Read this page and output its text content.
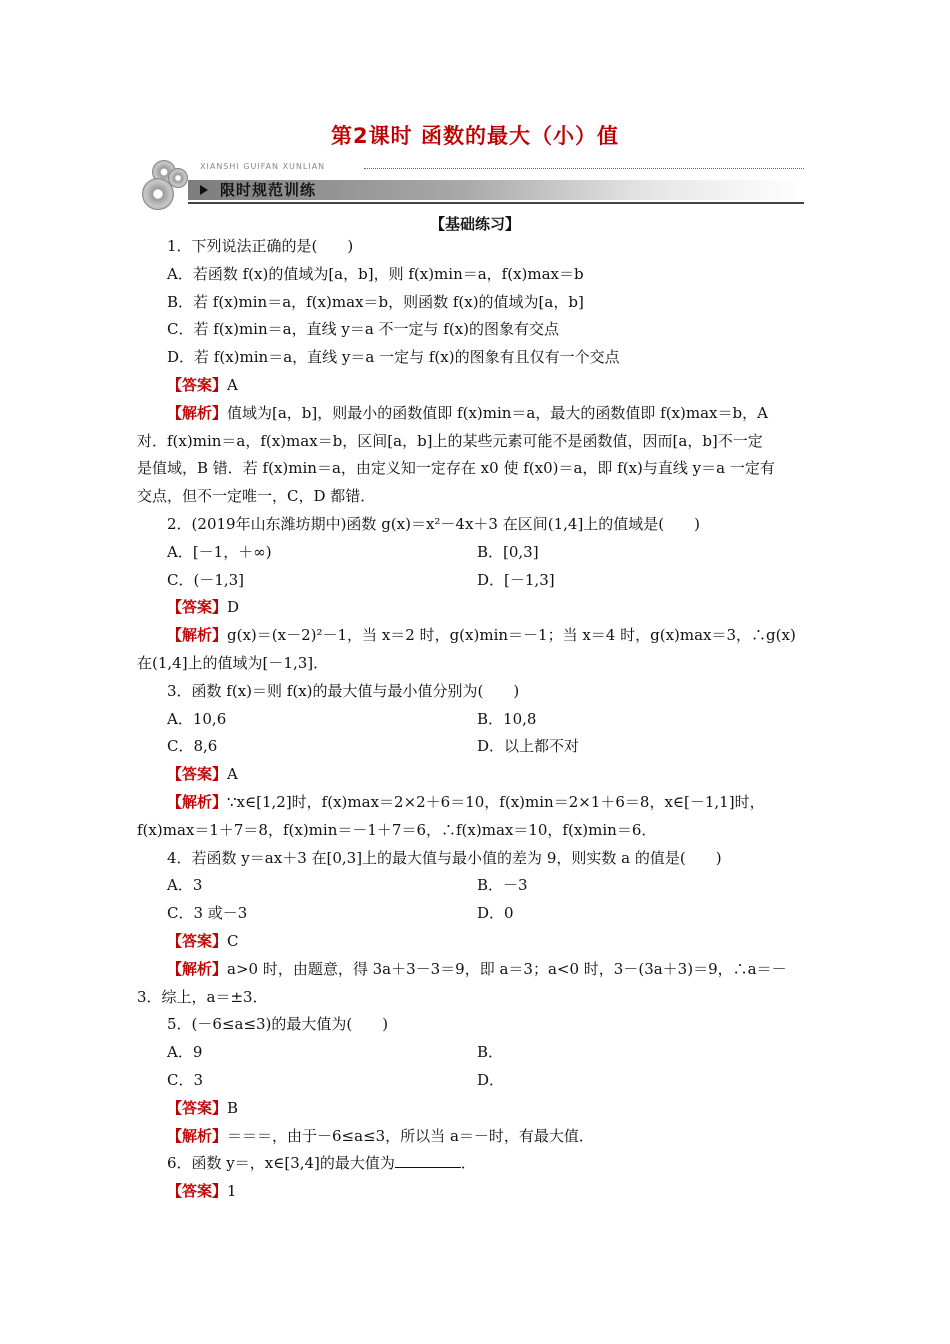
第2课时 函数的最大（小）值
XIANSHI GUIFAN XUNLIAN
限时规范训练
【基础练习】
1．下列说法正确的是(　　)
A．若函数 f(x)的值域为[a，b]，则 f(x)min＝a，f(x)max＝b
B．若 f(x)min＝a，f(x)max＝b，则函数 f(x)的值域为[a，b]
C．若 f(x)min＝a，直线 y＝a 不一定与 f(x)的图象有交点
D．若 f(x)min＝a，直线 y＝a 一定与 f(x)的图象有且仅有一个交点
【答案】A
【解析】值域为[a，b]，则最小的函数值即 f(x)min＝a，最大的函数值即 f(x)max＝b，A
对．f(x)min＝a，f(x)max＝b，区间[a，b]上的某些元素可能不是函数值，因而[a，b]不一定
是值域，B 错．若 f(x)min＝a，由定义知一定存在 x0 使 f(x0)＝a，即 f(x)与直线 y＝a 一定有
交点，但不一定唯一，C，D 都错．
2．(2019年山东潍坊期中)函数 g(x)＝x²－4x＋3 在区间(1,4]上的值域是(　　)
A．[－1，＋∞)	B．[0,3]
C．(－1,3]	D．[－1,3]
【答案】D
【解析】g(x)＝(x－2)²－1，当 x＝2 时，g(x)min＝－1；当 x＝4 时，g(x)max＝3，∴g(x)
在(1,4]上的值域为[－1,3]．
3．函数 f(x)＝则 f(x)的最大值与最小值分别为(　　)
A．10,6	B．10,8
C．8,6	D．以上都不对
【答案】A
【解析】∵x∈[1,2]时，f(x)max＝2×2＋6＝10，f(x)min＝2×1＋6＝8，x∈[－1,1]时，
f(x)max＝1＋7＝8，f(x)min＝－1＋7＝6，∴f(x)max＝10，f(x)min＝6．
4．若函数 y＝ax＋3 在[0,3]上的最大值与最小值的差为 9，则实数 a 的值是(　　)
A．3	B．－3
C．3 或－3	D．0
【答案】C
【解析】a>0 时，由题意，得 3a＋3－3＝9，即 a＝3；a<0 时，3－(3a＋3)＝9，∴a＝－
3．综上，a＝±3．
5．(－6≤a≤3)的最大值为(　　)
A．9	B．
C．3	D．
【答案】B
【解析】＝＝＝，由于－6≤a≤3，所以当 a＝－时，有最大值．
6．函数 y＝，x∈[3,4]的最大值为	．
【答案】1
